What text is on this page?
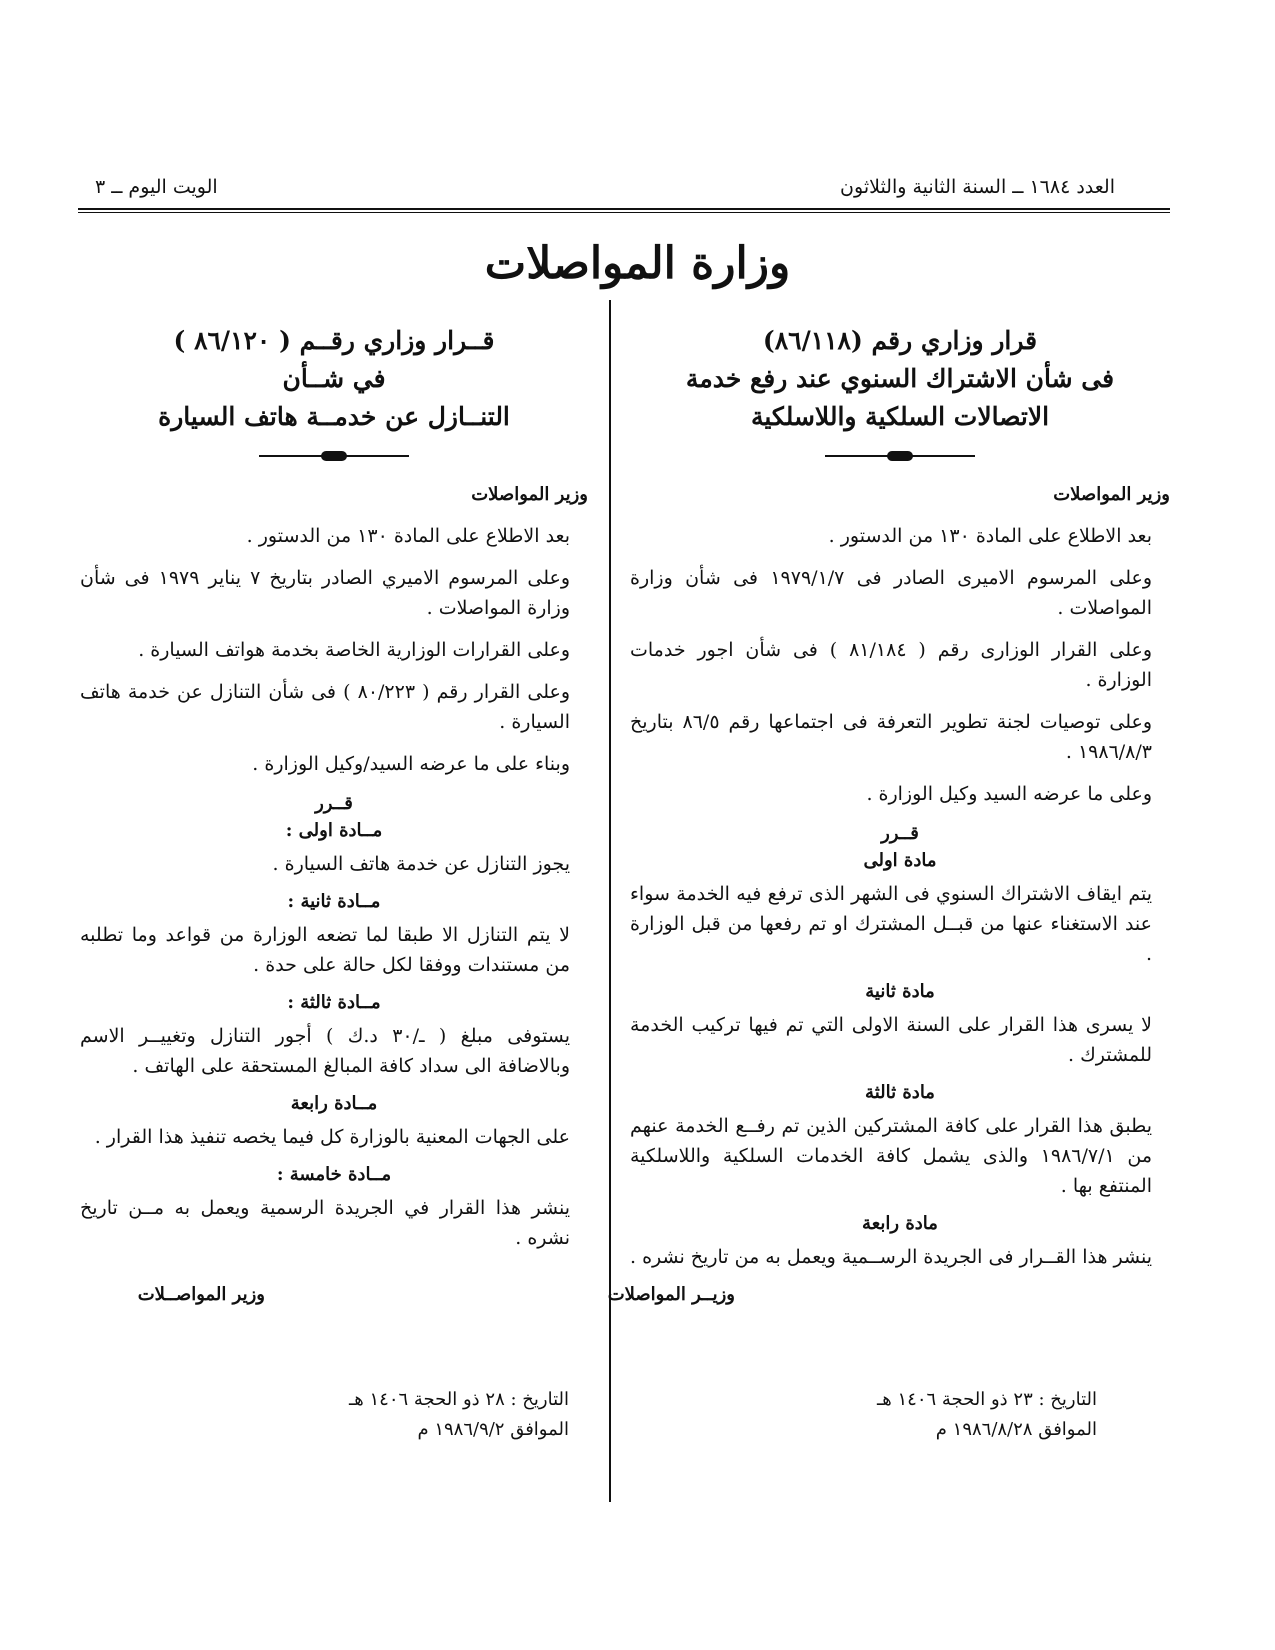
العدد ١٦٨٤ ــ السنة الثانية والثلاثون
الويت اليوم ــ ٣
وزارة المواصلات
قرار وزاري رقم (٨٦/١١٨)
فى شأن الاشتراك السنوي عند رفع خدمة
الاتصالات السلكية واللاسلكية
وزير المواصلات

بعد الاطلاع على المادة ١٣٠ من الدستور .

وعلى المرسوم الاميرى الصادر فى ١٩٧٩/١/٧ فى شأن وزارة المواصلات .

وعلى القرار الوزارى رقم ( ٨١/١٨٤ ) فى شأن اجور خدمات الوزارة .

وعلى توصيات لجنة تطوير التعرفة فى اجتماعها رقم ٨٦/٥ بتاريخ ١٩٨٦/٨/٣ .

وعلى ما عرضه السيد وكيل الوزارة .

قــرر
مادة اولى

يتم ايقاف الاشتراك السنوي فى الشهر الذى ترفع فيه الخدمة سواء عند الاستغناء عنها من قبــل المشترك او تم رفعها من قبل الوزارة .

مادة ثانية

لا يسرى هذا القرار على السنة الاولى التي تم فيها تركيب الخدمة للمشترك .

مادة ثالثة

يطبق هذا القرار على كافة المشتركين الذين تم رفــع الخدمة عنهم من ١٩٨٦/٧/١ والذى يشمل كافة الخدمات السلكية واللاسلكية المنتفع بها .

مادة رابعة

ينشر هذا القــرار فى الجريدة الرســمية ويعمل به من تاريخ نشره .

قــرار وزاري رقــم ( ٨٦/١٢٠ )
في شــأن
التنــازل عن خدمــة هاتف السيارة
وزير المواصلات

بعد الاطلاع على المادة ١٣٠ من الدستور .

وعلى المرسوم الاميري الصادر بتاريخ ٧ يناير ١٩٧٩ فى شأن وزارة المواصلات .

وعلى القرارات الوزارية الخاصة بخدمة هواتف السيارة .

وعلى القرار رقم ( ٨٠/٢٢٣ ) فى شأن التنازل عن خدمة هاتف السيارة .

وبناء على ما عرضه السيد/وكيل الوزارة .

قــرر
مــادة اولى :

يجوز التنازل عن خدمة هاتف السيارة .

مــادة ثانية :

لا يتم التنازل الا طبقا لما تضعه الوزارة من قواعد وما تطلبه من مستندات ووفقا لكل حالة على حدة .

مــادة ثالثة :

يستوفى مبلغ ( ـ/٣٠ د.ك ) أجور التنازل وتغييــر الاسم وبالاضافة الى سداد كافة المبالغ المستحقة على الهاتف .

مــادة رابعة

على الجهات المعنية بالوزارة كل فيما يخصه تنفيذ هذا القرار .

مــادة خامسة :

ينشر هذا القرار في الجريدة الرسمية ويعمل به مــن تاريخ نشره .

وزيــر المواصلات
وزير المواصــلات
التاريخ : ٢٣ ذو الحجة ١٤٠٦ هـ
الموافق ١٩٨٦/٨/٢٨ م
التاريخ : ٢٨ ذو الحجة ١٤٠٦ هـ
الموافق ١٩٨٦/٩/٢ م
